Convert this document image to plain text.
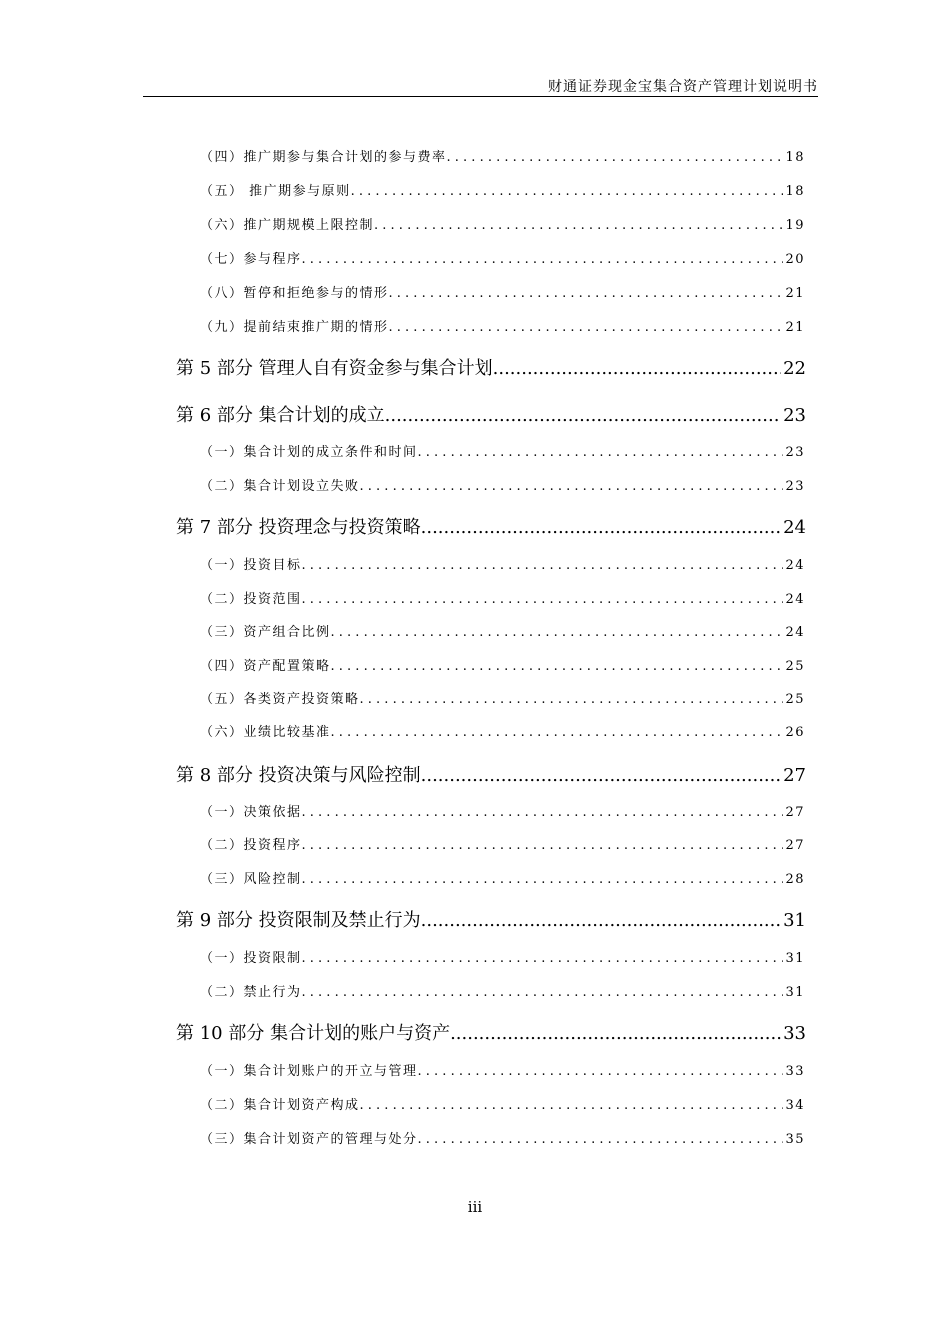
财通证券现金宝集合资产管理计划说明书
（四）推广期参与集合计划的参与费率 . . .	18
（五） 推广期参与原则 . . .	18
（六）推广期规模上限控制 . . .	19
（七）参与程序 . . .	20
（八）暂停和拒绝参与的情形 . . .	21
（九）提前结束推广期的情形 . . .	21
第 5 部分 管理人自有资金参与集合计划 .....	22
第 6 部分 集合计划的成立 .....	23
（一）集合计划的成立条件和时间 . . .	23
（二）集合计划设立失败 . . .	23
第 7 部分 投资理念与投资策略 .....	24
（一）投资目标 . . .	24
（二）投资范围 . . .	24
（三）资产组合比例 . . .	24
（四）资产配置策略 . . .	25
（五）各类资产投资策略 . . .	25
（六）业绩比较基准 . . .	26
第 8 部分 投资决策与风险控制 .....	27
（一）决策依据 . . .	27
（二）投资程序 . . .	27
（三）风险控制 . . .	28
第 9 部分 投资限制及禁止行为 .....	31
（一）投资限制 . . .	31
（二）禁止行为 . . .	31
第 10 部分 集合计划的账户与资产 .....	33
（一）集合计划账户的开立与管理 . . .	33
（二）集合计划资产构成 . . .	34
（三）集合计划资产的管理与处分 . . .	35
iii
